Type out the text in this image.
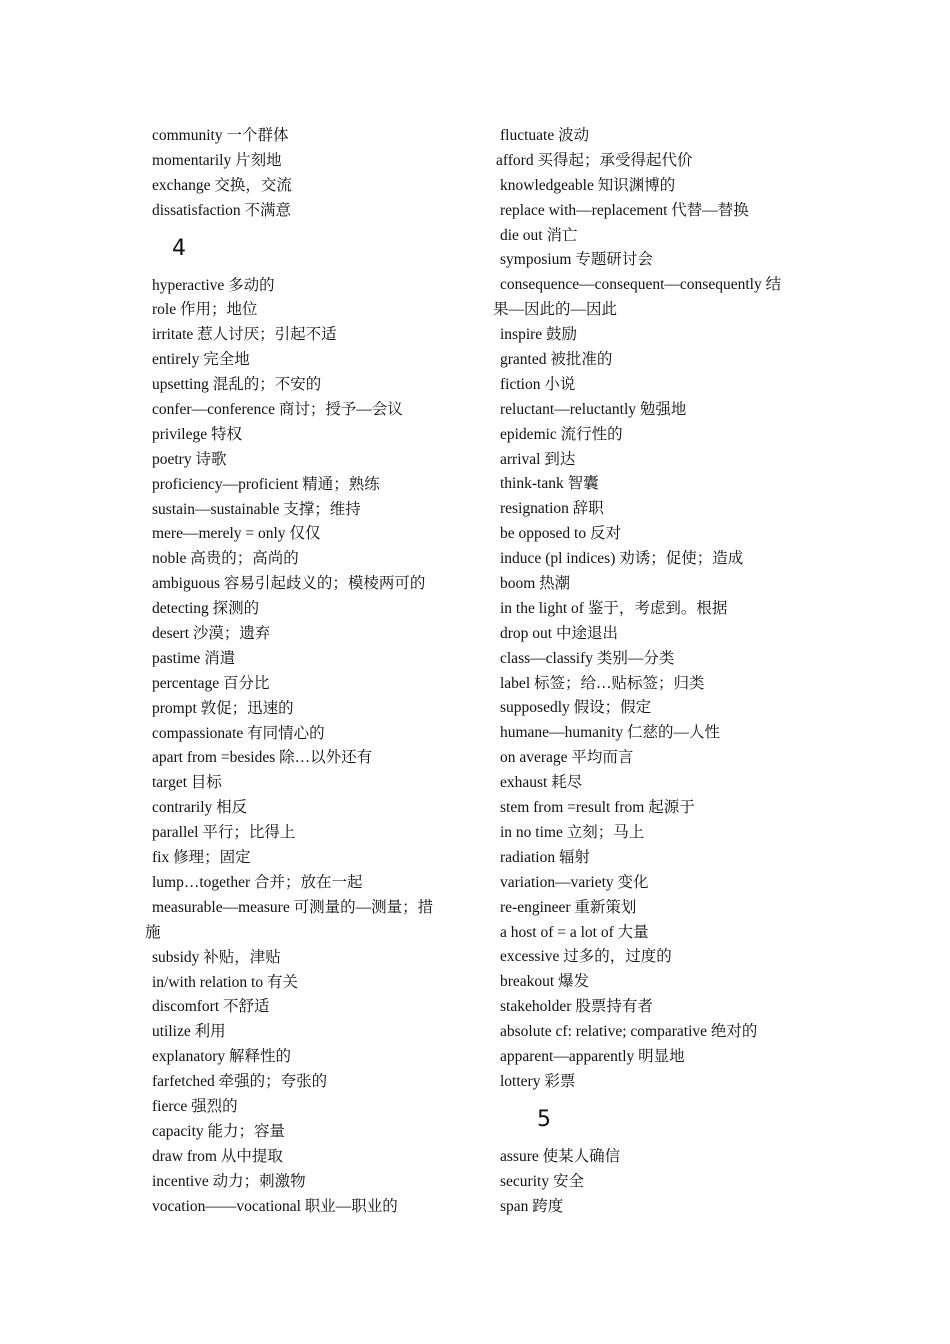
community 一个群体
momentarily 片刻地
exchange 交换，交流
dissatisfaction 不满意
4
hyperactive 多动的
role 作用；地位
irritate 惹人讨厌；引起不适
entirely 完全地
upsetting 混乱的；不安的
confer—conference 商讨；授予—会议
privilege 特权
poetry 诗歌
proficiency—proficient 精通；熟练
sustain—sustainable 支撑；维持
mere—merely = only 仅仅
noble 高贵的；高尚的
ambiguous 容易引起歧义的；模棱两可的
detecting 探测的
desert 沙漠；遗弃
pastime 消遣
percentage 百分比
prompt 敦促；迅速的
compassionate 有同情心的
apart from =besides 除…以外还有
target 目标
contrarily 相反
parallel 平行；比得上
fix 修理；固定
lump…together 合并；放在一起
measurable—measure 可测量的—测量；措
施
subsidy 补贴，津贴
in/with relation to 有关
discomfort 不舒适
utilize 利用
explanatory 解释性的
farfetched 牵强的；夸张的
fierce 强烈的
capacity 能力；容量
draw from 从中提取
incentive 动力；刺激物
vocation——vocational 职业—职业的
fluctuate 波动
afford 买得起；承受得起代价
knowledgeable 知识渊博的
replace with—replacement 代替—替换
die out 消亡
symposium 专题研讨会
consequence—consequent—consequently 结
果—因此的—因此
inspire 鼓励
granted 被批准的
fiction 小说
reluctant—reluctantly 勉强地
epidemic 流行性的
arrival 到达
think-tank 智囊
resignation 辞职
be opposed to 反对
induce (pl indices) 劝诱；促使；造成
boom 热潮
in the light of 鉴于，考虑到。根据
drop out 中途退出
class—classify 类别—分类
label 标签；给…贴标签；归类
supposedly 假设；假定
humane—humanity 仁慈的—人性
on average 平均而言
exhaust 耗尽
stem from =result from 起源于
in no time 立刻；马上
radiation 辐射
variation—variety 变化
re-engineer 重新策划
a host of = a lot of 大量
excessive 过多的，过度的
breakout 爆发
stakeholder 股票持有者
absolute cf: relative; comparative 绝对的
apparent—apparently 明显地
lottery 彩票
5
assure 使某人确信
security 安全
span 跨度
